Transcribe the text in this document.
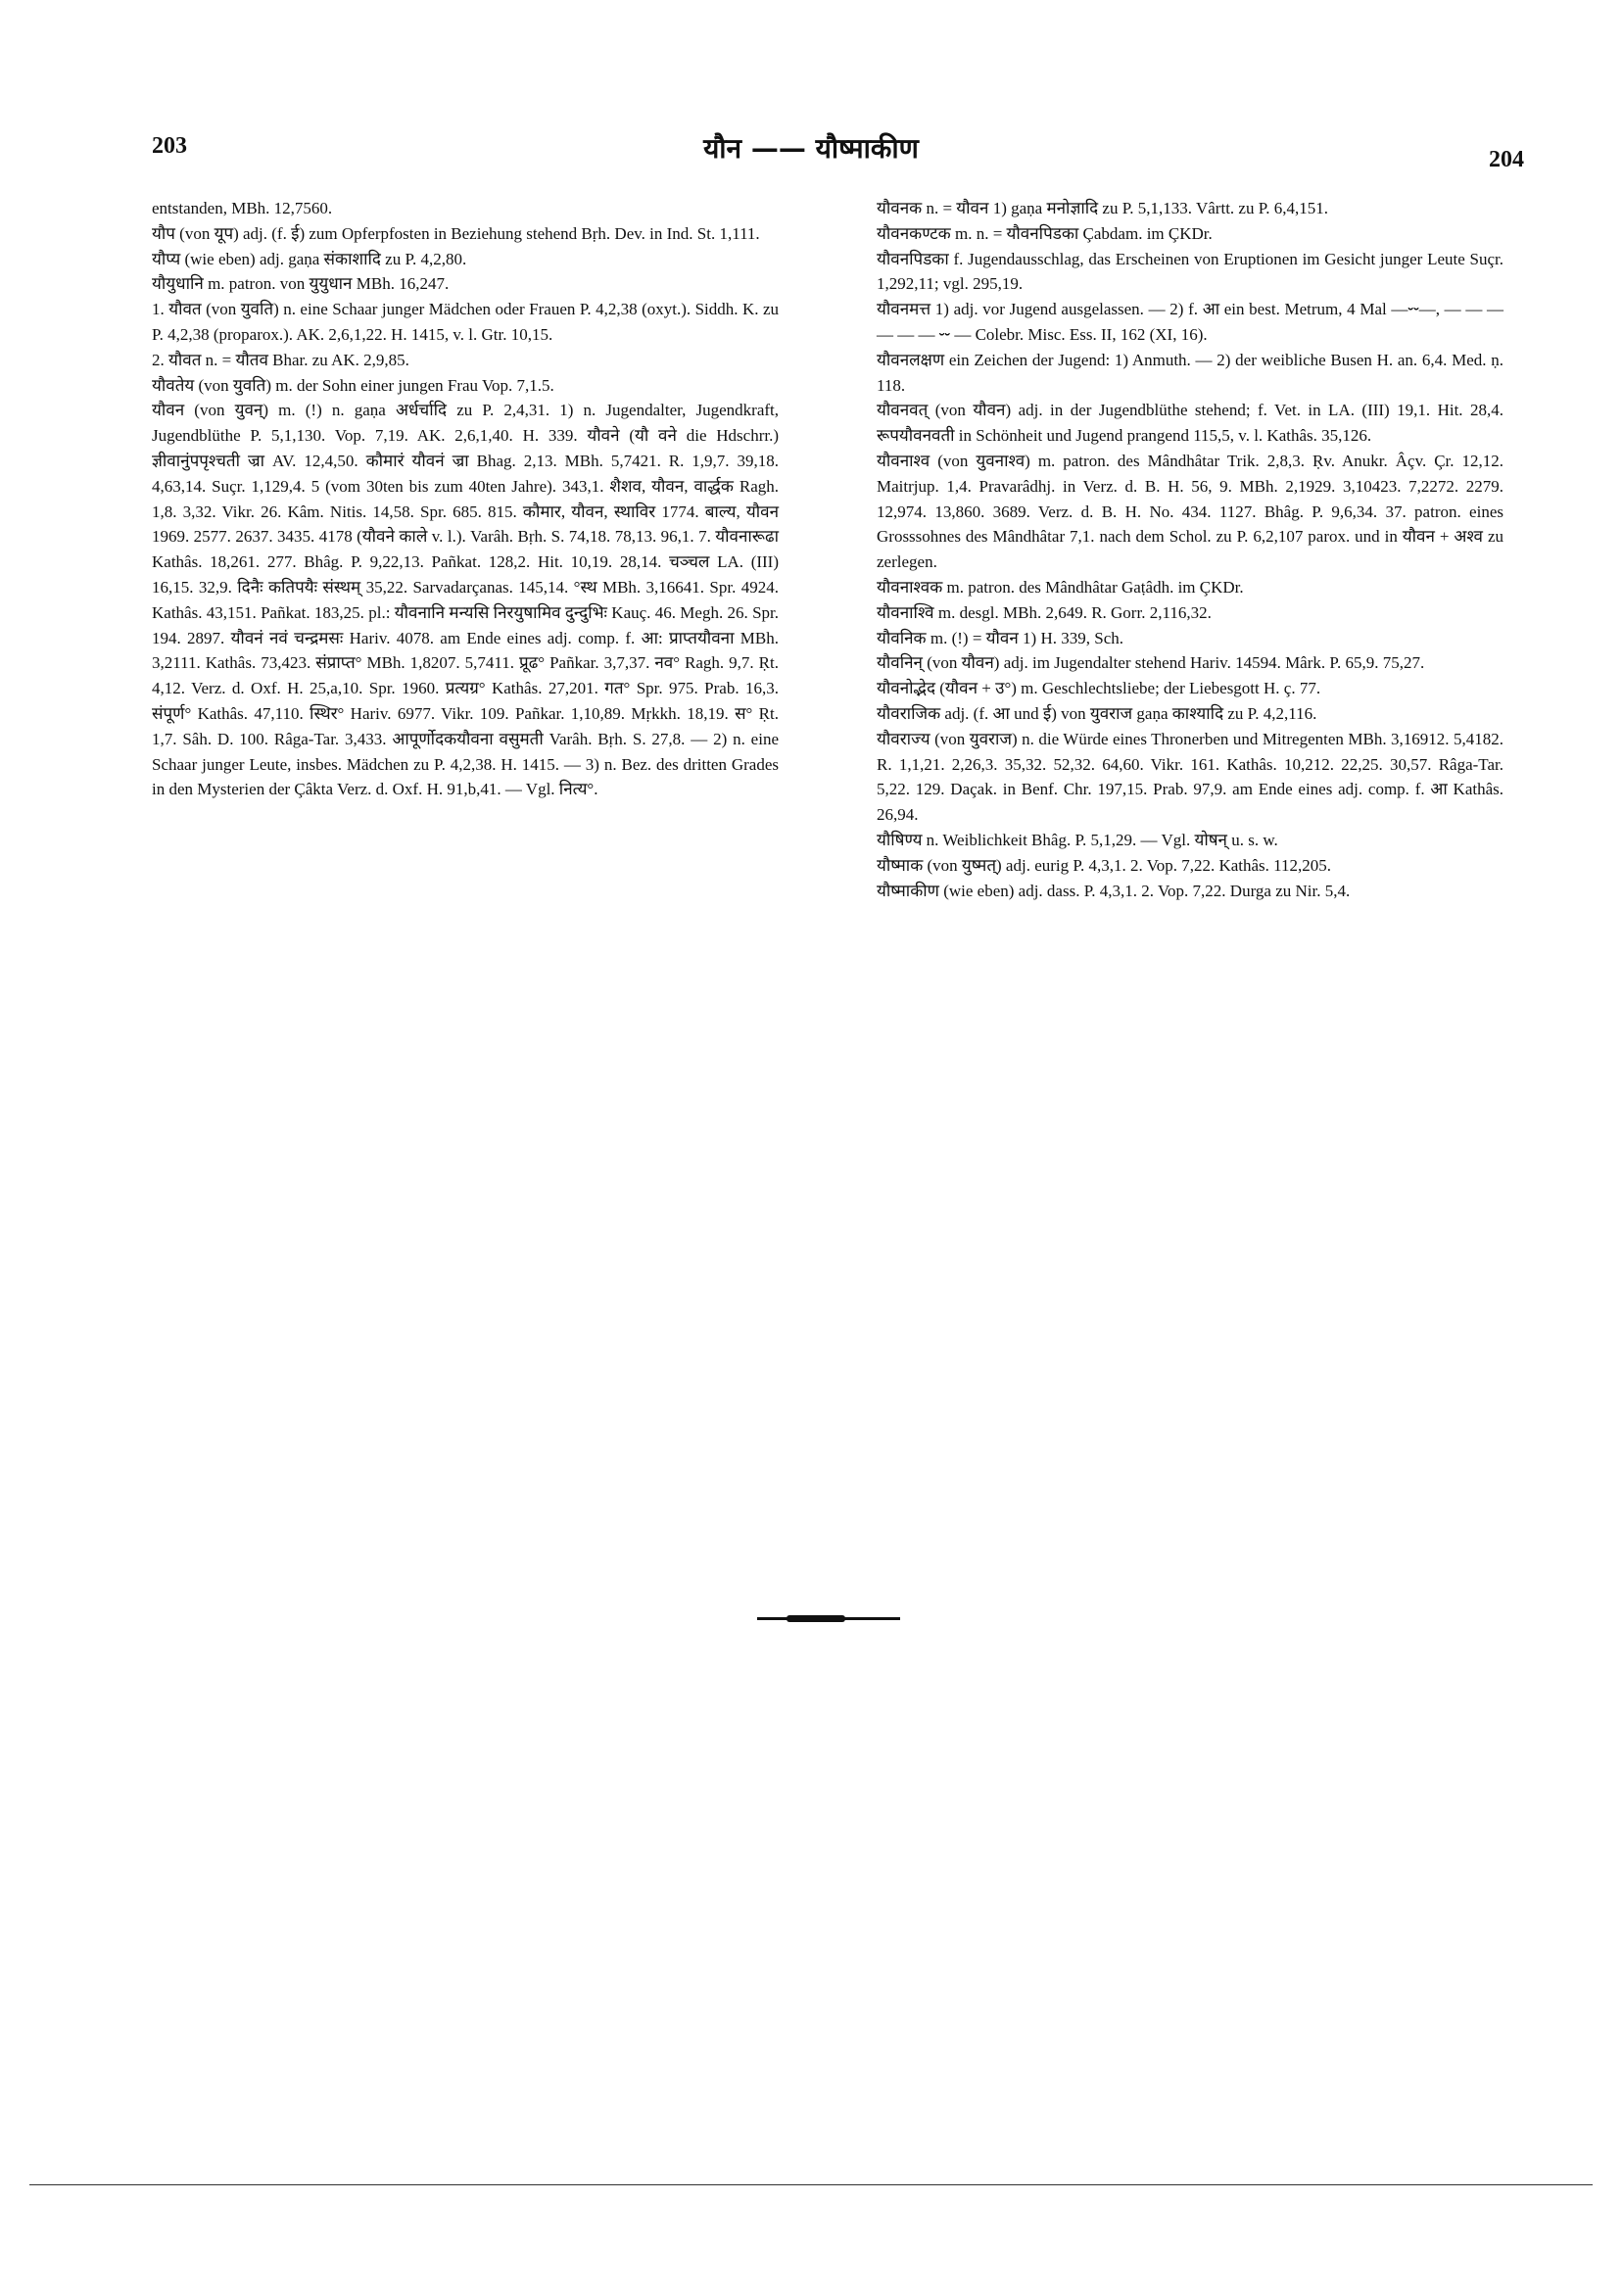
203	यौन —— यौष्माकीण	204

entstanden, MBh. 12,7560.

यौप (von यूप) adj. (f. ई) zum Opferpfosten in Beziehung stehend Bṛh. Dev. in Ind. St. 1,111.

यौप्य (wie eben) adj. gaṇa संकाशादि zu P. 4,2,80.

यौयुधानि m. patron. von युयुधान MBh. 16,247.

1. यौवत (von युवति) n. eine Schaar junger Mädchen oder Frauen P. 4,2,38 (oxyt.). Siddh. K. zu P. 4,2,38 (proparox.). AK. 2,6,1,22. H. 1415, v. l. Gtr. 10,15.

2. यौवत n. = यौतव Bhar. zu AK. 2,9,85.

यौवतेय (von युवति) m. der Sohn einer jungen Frau Vop. 7,1.5.

यौवन (von युवन्) m. (!) n. gaṇa अर्धर्चादि zu P. 2,4,31. 1) n. Jugendalter, Jugendkraft, Jugendblüthe P. 5,1,130. Vop. 7,19. AK. 2,6,1,40. H. 339. यौवने (यौ वने die Hdschrr.) ज्ञीवानुंपपृश्चती ज्रा AV. 12,4,50. कौमारं यौवनं ज्रा Bhag. 2,13. MBh. 5,7421. R. 1,9,7. 39,18. 4,63,14. Suçr. 1,129,4. 5 (vom 30ten bis zum 40ten Jahre). 343,1. शैशव, यौवन, वार्द्धक Ragh. 1,8. 3,32. Vikr. 26. Kâm. Nitis. 14,58. Spr. 685. 815. कौमार, यौवन, स्थाविर 1774. बाल्य, यौवन 1969. 2577. 2637. 3435. 4178 (यौवने काले v. l.). Varâh. Bṛh. S. 74,18. 78,13. 96,1. 7. यौवनारूढा Kathâs. 18,261. 277. Bhâg. P. 9,22,13. Pañkat. 128,2. Hit. 10,19. 28,14. चञ्चल LA. (III) 16,15. 32,9. दिनैः कतिपयैः संस्थम् 35,22. Sarvadarçanas. 145,14. °स्थ MBh. 3,16641. Spr. 4924. Kathâs. 43,151. Pañkat. 183,25. pl.: यौवनानि मन्यसि निरयुषामिव दुन्दुभिः Kauç. 46. Megh. 26. Spr. 194. 2897. यौवनं नवं चन्द्रमसः Hariv. 4078. am Ende eines adj. comp. f. आ: प्राप्तयौवना MBh. 3,2111. Kathâs. 73,423. संप्राप्त° MBh. 1,8207. 5,7411. प्रूढ° Pañkar. 3,7,37. नव° Ragh. 9,7. Ṛt. 4,12. Verz. d. Oxf. H. 25,a,10. Spr. 1960. प्रत्यग्र° Kathâs. 27,201. गत° Spr. 975. Prab. 16,3. संपूर्ण° Kathâs. 47,110. स्थिर° Hariv. 6977. Vikr. 109. Pañkar. 1,10,89. Mṛkkh. 18,19. स° Ṛt. 1,7. Sâh. D. 100. Râga-Tar. 3,433. आपूर्णोदकयौवना वसुमती Varâh. Bṛh. S. 27,8. — 2) n. eine Schaar junger Leute, insbes. Mädchen zu P. 4,2,38. H. 1415. — 3) n. Bez. des dritten Grades in den Mysterien der Çâkta Verz. d. Oxf. H. 91,b,41. — Vgl. नित्य°.

यौवनक n. = यौवन 1) gaṇa मनोज्ञादि zu P. 5,1,133. Vârtt. zu P. 6,4,151.

यौवनकण्टक m. n. = यौवनपिडका Çabdam. im ÇKDr.

यौवनपिडका f. Jugendausschlag, das Erscheinen von Eruptionen im Gesicht junger Leute Suçr. 1,292,11; vgl. 295,19.

यौवनमत्त 1) adj. vor Jugend ausgelassen. — 2) f. आ ein best. Metrum, 4 Mal —⏑⏑—, — — — — — — ⏑⏑ — Colebr. Misc. Ess. II, 162 (XI, 16).

यौवनलक्षण ein Zeichen der Jugend: 1) Anmuth. — 2) der weibliche Busen H. an. 6,4. Med. ṇ. 118.

यौवनवत् (von यौवन) adj. in der Jugendblüthe stehend; f. Vet. in LA. (III) 19,1. Hit. 28,4. रूपयौवनवती in Schönheit und Jugend prangend 115,5, v. l. Kathâs. 35,126.

यौवनाश्व (von युवनाश्व) m. patron. des Mândhâtar Trik. 2,8,3. Ṛv. Anukr. Âçv. Çr. 12,12. Maitrjup. 1,4. Pravarâdhj. in Verz. d. B. H. 56, 9. MBh. 2,1929. 3,10423. 7,2272. 2279. 12,974. 13,860. 3689. Verz. d. B. H. No. 434. 1127. Bhâg. P. 9,6,34. 37. patron. eines Grosssohnes des Mândhâtar 7,1. nach dem Schol. zu P. 6,2,107 parox. und in यौवन + अश्व zu zerlegen.

यौवनाश्वक m. patron. des Mândhâtar Gaṭâdh. im ÇKDr.

यौवनाश्वि m. desgl. MBh. 2,649. R. Gorr. 2,116,32.

यौवनिक m. (!) = यौवन 1) H. 339, Sch.

यौवनिन् (von यौवन) adj. im Jugendalter stehend Hariv. 14594. Mârk. P. 65,9. 75,27.

यौवनोद्भेद (यौवन + उ°) m. Geschlechtsliebe; der Liebesgott H. ç. 77.

यौवराजिक adj. (f. आ und ई) von युवराज gaṇa काश्यादि zu P. 4,2,116.

यौवराज्य (von युवराज) n. die Würde eines Thronerben und Mitregenten MBh. 3,16912. 5,4182. R. 1,1,21. 2,26,3. 35,32. 52,32. 64,60. Vikr. 161. Kathâs. 10,212. 22,25. 30,57. Râga-Tar. 5,22. 129. Daçak. in Benf. Chr. 197,15. Prab. 97,9. am Ende eines adj. comp. f. आ Kathâs. 26,94.

यौषिण्य n. Weiblichkeit Bhâg. P. 5,1,29. — Vgl. योषन् u. s. w.

यौष्माक (von युष्मत्) adj. eurig P. 4,3,1. 2. Vop. 7,22. Kathâs. 112,205.

यौष्माकीण (wie eben) adj. dass. P. 4,3,1. 2. Vop. 7,22. Durga zu Nir. 5,4.
